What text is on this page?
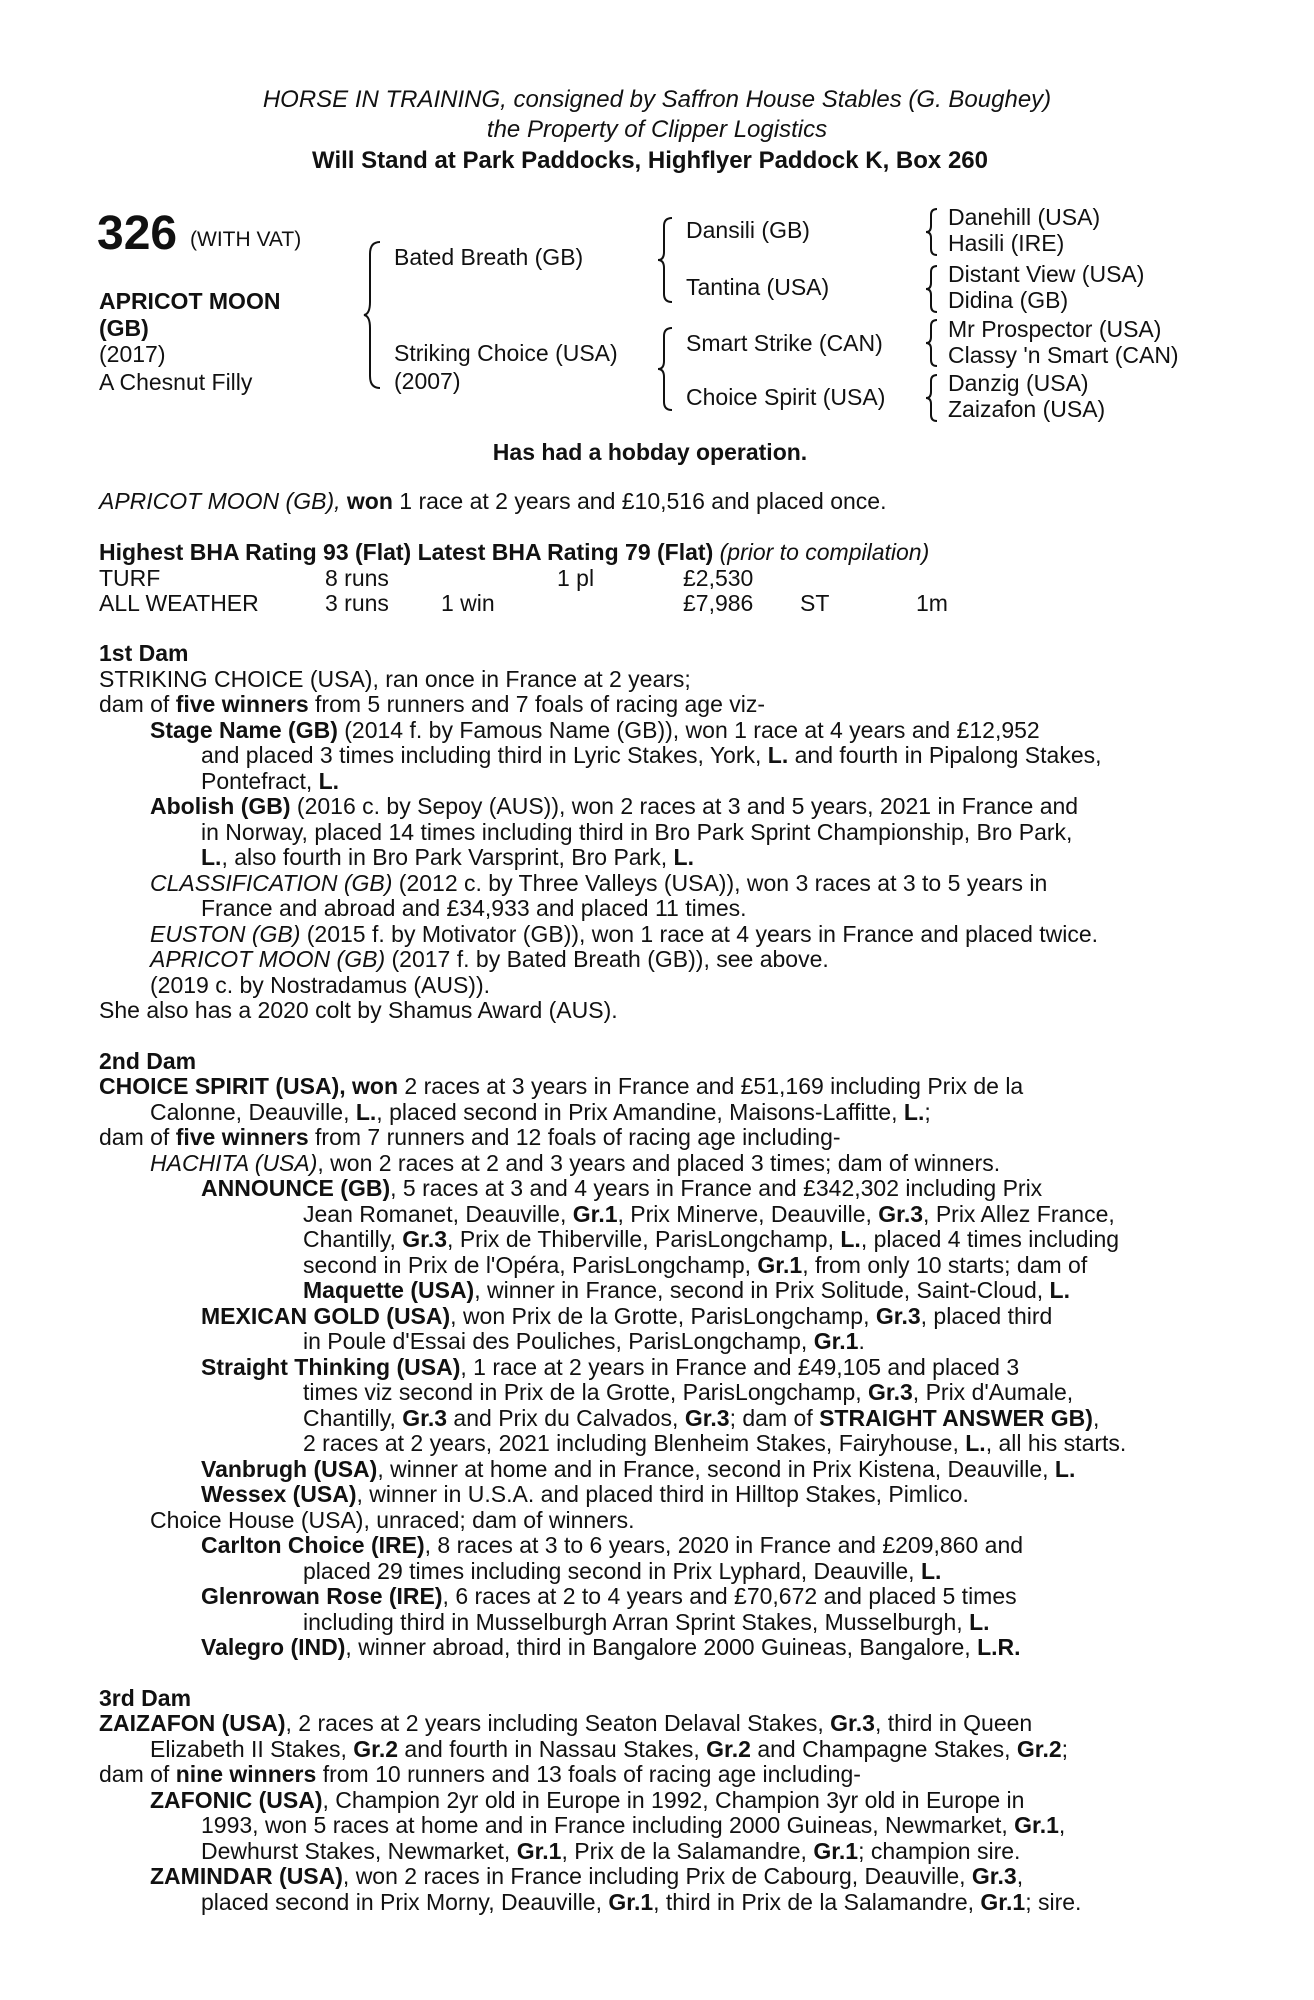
HORSE IN TRAINING, consigned by Saffron House Stables (G. Boughey)
the Property of Clipper Logistics
Will Stand at Park Paddocks, Highflyer Paddock K, Box 260
326 (WITH VAT)
APRICOT MOON
(GB)
(2017)
A Chesnut Filly
Bated Breath (GB)
Striking Choice (USA)
(2007)
Dansili (GB)
Tantina (USA)
Smart Strike (CAN)
Choice Spirit (USA)
Danehill (USA)
Hasili (IRE)
Distant View (USA)
Didina (GB)
Mr Prospector (USA)
Classy 'n Smart (CAN)
Danzig (USA)
Zaizafon (USA)
Has had a hobday operation.
APRICOT MOON (GB), won 1 race at 2 years and £10,516 and placed once.
Highest BHA Rating 93 (Flat) Latest BHA Rating 79 (Flat) (prior to compilation)
TURF	8 runs	1 pl	£2,530
ALL WEATHER	3 runs 1 win	£7,986 ST	1m
1st Dam
STRIKING CHOICE (USA), ran once in France at 2 years;
dam of five winners from 5 runners and 7 foals of racing age viz-
Stage Name (GB) (2014 f. by Famous Name (GB)), won 1 race at 4 years and £12,952
and placed 3 times including third in Lyric Stakes, York, L. and fourth in Pipalong Stakes,
Pontefract, L.
Abolish (GB) (2016 c. by Sepoy (AUS)), won 2 races at 3 and 5 years, 2021 in France and
in Norway, placed 14 times including third in Bro Park Sprint Championship, Bro Park,
L., also fourth in Bro Park Varsprint, Bro Park, L.
CLASSIFICATION (GB) (2012 c. by Three Valleys (USA)), won 3 races at 3 to 5 years in
France and abroad and £34,933 and placed 11 times.
EUSTON (GB) (2015 f. by Motivator (GB)), won 1 race at 4 years in France and placed twice.
APRICOT MOON (GB) (2017 f. by Bated Breath (GB)), see above.
(2019 c. by Nostradamus (AUS)).
She also has a 2020 colt by Shamus Award (AUS).
2nd Dam
CHOICE SPIRIT (USA), won 2 races at 3 years in France and £51,169 including Prix de la
Calonne, Deauville, L., placed second in Prix Amandine, Maisons-Laffitte, L.;
dam of five winners from 7 runners and 12 foals of racing age including-
HACHITA (USA), won 2 races at 2 and 3 years and placed 3 times; dam of winners.
ANNOUNCE (GB), 5 races at 3 and 4 years in France and £342,302 including Prix
Jean Romanet, Deauville, Gr.1, Prix Minerve, Deauville, Gr.3, Prix Allez France,
Chantilly, Gr.3, Prix de Thiberville, ParisLongchamp, L., placed 4 times including
second in Prix de l'Opéra, ParisLongchamp, Gr.1, from only 10 starts; dam of
Maquette (USA), winner in France, second in Prix Solitude, Saint-Cloud, L.
MEXICAN GOLD (USA), won Prix de la Grotte, ParisLongchamp, Gr.3, placed third
in Poule d'Essai des Pouliches, ParisLongchamp, Gr.1.
Straight Thinking (USA), 1 race at 2 years in France and £49,105 and placed 3
times viz second in Prix de la Grotte, ParisLongchamp, Gr.3, Prix d'Aumale,
Chantilly, Gr.3 and Prix du Calvados, Gr.3; dam of STRAIGHT ANSWER GB),
2 races at 2 years, 2021 including Blenheim Stakes, Fairyhouse, L., all his starts.
Vanbrugh (USA), winner at home and in France, second in Prix Kistena, Deauville, L.
Wessex (USA), winner in U.S.A. and placed third in Hilltop Stakes, Pimlico.
Choice House (USA), unraced; dam of winners.
Carlton Choice (IRE), 8 races at 3 to 6 years, 2020 in France and £209,860 and
placed 29 times including second in Prix Lyphard, Deauville, L.
Glenrowan Rose (IRE), 6 races at 2 to 4 years and £70,672 and placed 5 times
including third in Musselburgh Arran Sprint Stakes, Musselburgh, L.
Valegro (IND), winner abroad, third in Bangalore 2000 Guineas, Bangalore, L.R.
3rd Dam
ZAIZAFON (USA), 2 races at 2 years including Seaton Delaval Stakes, Gr.3, third in Queen
Elizabeth II Stakes, Gr.2 and fourth in Nassau Stakes, Gr.2 and Champagne Stakes, Gr.2;
dam of nine winners from 10 runners and 13 foals of racing age including-
ZAFONIC (USA), Champion 2yr old in Europe in 1992, Champion 3yr old in Europe in
1993, won 5 races at home and in France including 2000 Guineas, Newmarket, Gr.1,
Dewhurst Stakes, Newmarket, Gr.1, Prix de la Salamandre, Gr.1; champion sire.
ZAMINDAR (USA), won 2 races in France including Prix de Cabourg, Deauville, Gr.3,
placed second in Prix Morny, Deauville, Gr.1, third in Prix de la Salamandre, Gr.1; sire.
